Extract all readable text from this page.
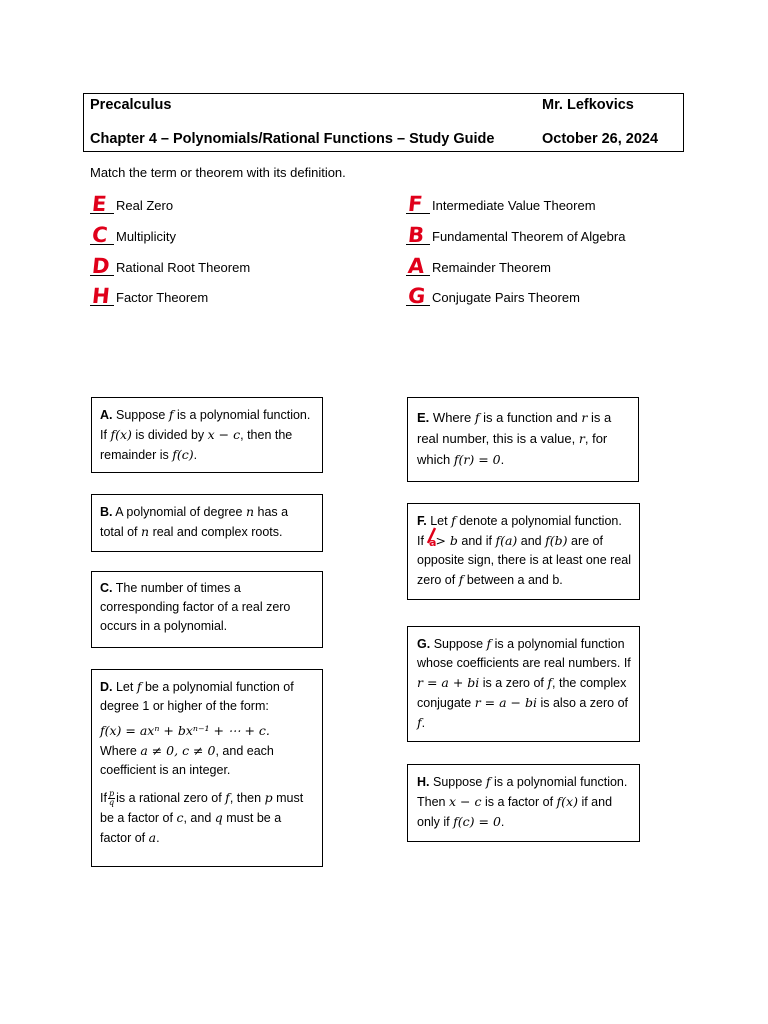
Precalculus	Mr. Lefkovics
Chapter 4 – Polynomials/Rational Functions – Study Guide	October 26, 2024
Match the term or theorem with its definition.
E Real Zero
C Multiplicity
D Rational Root Theorem
H Factor Theorem
F Intermediate Value Theorem
B Fundamental Theorem of Algebra
A Remainder Theorem
G Conjugate Pairs Theorem
A. Suppose f is a polynomial function. If f(x) is divided by x − c, then the remainder is f(c).
B. A polynomial of degree n has a total of n real and complex roots.
C. The number of times a corresponding factor of a real zero occurs in a polynomial.
D. Let f be a polynomial function of degree 1 or higher of the form:
f(x) = axⁿ + bxⁿ⁻¹ + ⋯ + c.
Where a ≠ 0, c ≠ 0, and each coefficient is an integer.
If $\frac{p}{q}$ is a rational zero of f, then p must be a factor of c, and q must be a factor of a.
E. Where f is a function and r is a real number, this is a value, r, for which f(r) = 0.
F. Let f denote a polynomial function. If > b and if f(a) and f(b) are of opposite sign, there is at least one real zero of f between a and b.
a
G. Suppose f is a polynomial function whose coefficients are real numbers. If r = a + bi is a zero of f, the complex conjugate r = a − bi is also a zero of f.
H. Suppose f is a polynomial function. Then x − c is a factor of f(x) if and only if f(c) = 0.
